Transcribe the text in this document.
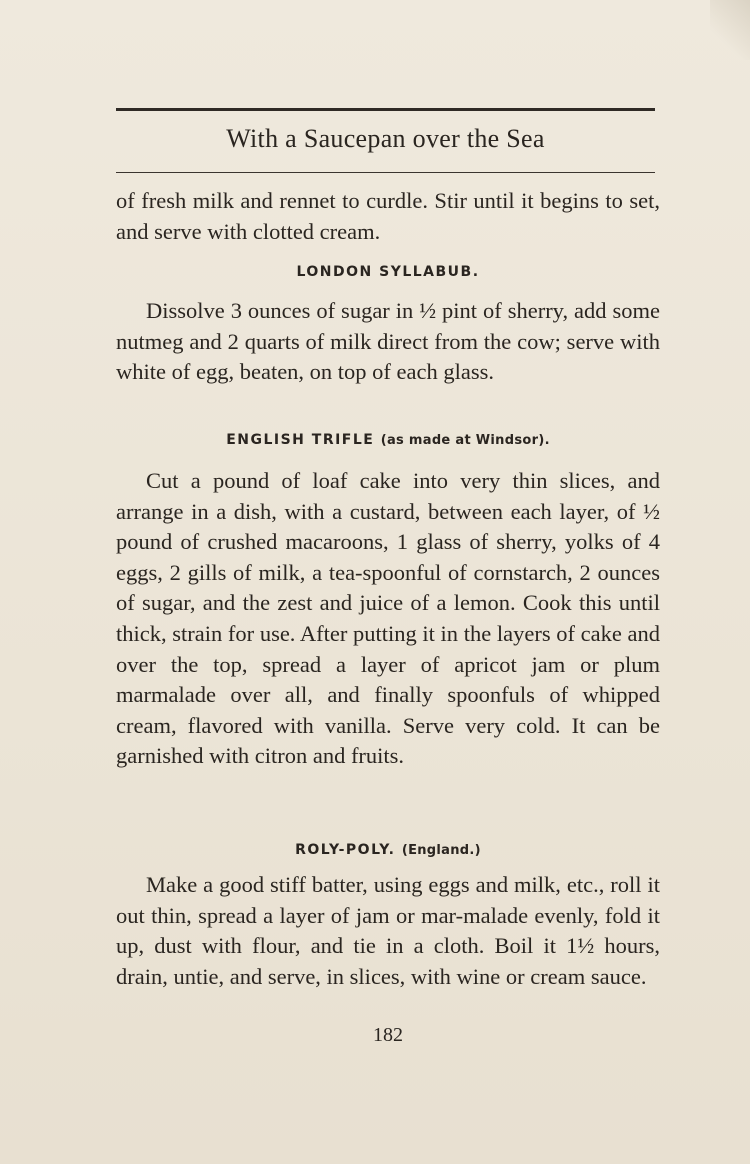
With a Saucepan over the Sea

of fresh milk and rennet to curdle. Stir until it begins to set, and serve with clotted cream.

LONDON SYLLABUB.

Dissolve 3 ounces of sugar in ½ pint of sherry, add some nutmeg and 2 quarts of milk direct from the cow; serve with white of egg, beaten, on top of each glass.

ENGLISH TRIFLE (as made at Windsor).

Cut a pound of loaf cake into very thin slices, and arrange in a dish, with a custard, between each layer, of ½ pound of crushed macaroons, 1 glass of sherry, yolks of 4 eggs, 2 gills of milk, a tea-spoonful of cornstarch, 2 ounces of sugar, and the zest and juice of a lemon. Cook this until thick, strain for use. After putting it in the layers of cake and over the top, spread a layer of apricot jam or plum marmalade over all, and finally spoonfuls of whipped cream, flavored with vanilla. Serve very cold. It can be garnished with citron and fruits.

ROLY-POLY. (England.)

Make a good stiff batter, using eggs and milk, etc., roll it out thin, spread a layer of jam or mar-malade evenly, fold it up, dust with flour, and tie in a cloth. Boil it 1½ hours, drain, untie, and serve, in slices, with wine or cream sauce.

182
